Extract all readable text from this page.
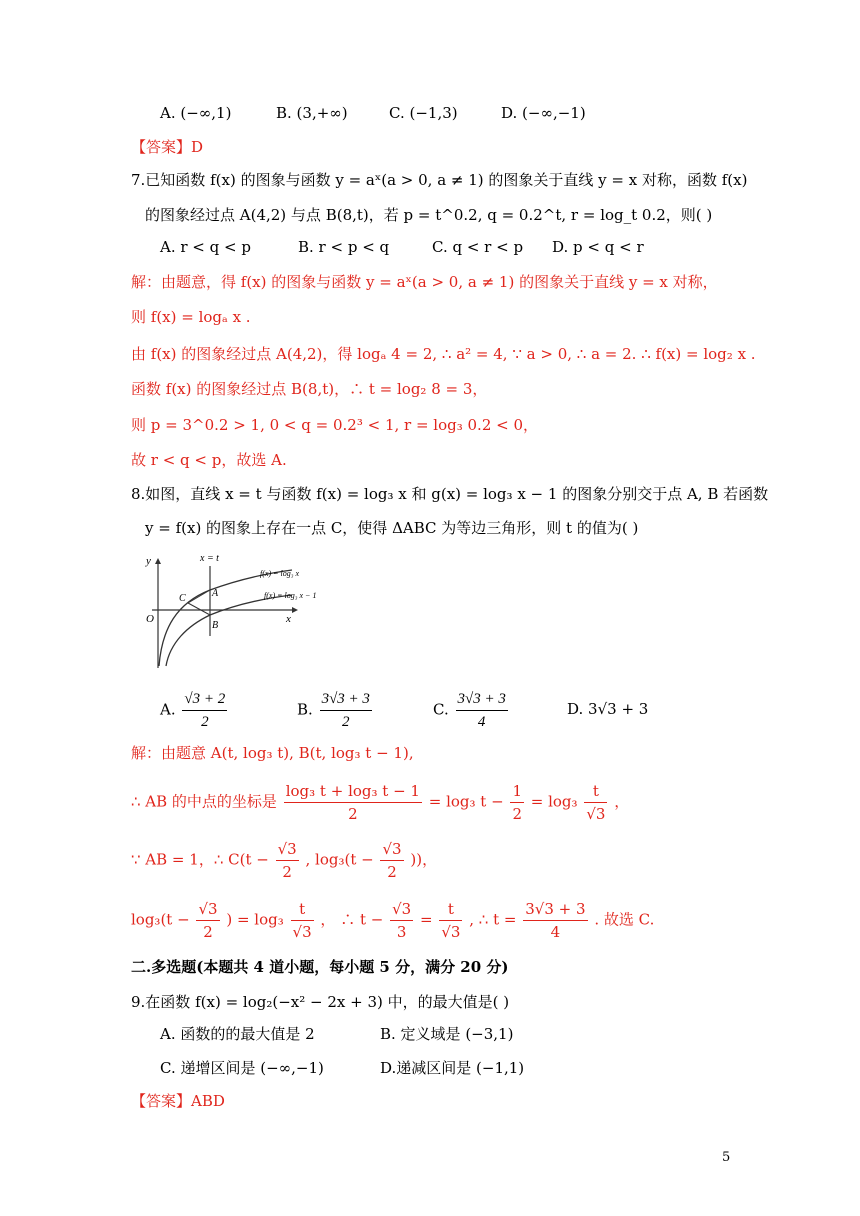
A. (−∞,1)	B. (3,+∞)	C. (−1,3)	D. (−∞,−1)
【答案】D
7.已知函数 f(x) 的图象与函数 y = aˣ(a > 0, a ≠ 1) 的图象关于直线 y = x 对称，函数 f(x)
的图象经过点 A(4,2) 与点 B(8,t)，若 p = t^0.2, q = 0.2^t, r = log_t 0.2，则( )
A. r < q < p	B. r < p < q	C. q < r < p D. p < q < r
解：由题意，得 f(x) 的图象与函数 y = aˣ(a > 0, a ≠ 1) 的图象关于直线 y = x 对称，
则 f(x) = logₐ x .
由 f(x) 的图象经过点 A(4,2)，得 logₐ 4 = 2, ∴ a² = 4, ∵ a > 0, ∴ a = 2. ∴ f(x) = log₂ x .
函数 f(x) 的图象经过点 B(8,t)，∴ t = log₂ 8 = 3，
则 p = 3^0.2 > 1, 0 < q = 0.2³ < 1, r = log₃ 0.2 < 0，
故 r < q < p，故选 A.
8.如图，直线 x = t 与函数 f(x) = log₃ x 和 g(x) = log₃ x − 1 的图象分别交于点 A, B 若函数
y = f(x) 的图象上存在一点 C，使得 ΔABC 为等边三角形，则 t 的值为( )
y
x
O
x = t
f(x) = log₃ x
f(x) = log₃ x − 1
A
B
C
A. $\frac{√3 + 2}{2}$	B. $\frac{3√3 + 3}{2}$	C. $\frac{3√3 + 3}{4}$	D. 3√3 + 3
解：由题意 A(t, log₃ t), B(t, log₃ t − 1),
∴ AB 的中点的坐标是 $\frac{\text{log₃ t + log₃ t − 1}}{2} = \log_3$ $t - \frac{1}{2} = \log_3 \frac{t}{√3}$ ，
∵ AB = 1，∴ $C(t - \frac{√3}{2}$ , $\log_3(t - \frac{√3}{2}$ ))，
$\log_3(t - \frac{√3}{2}$ ) = $\log_3 \frac{t}{√3}$ ， ∴ $t - \frac{√3}{3} = \frac{t}{√3}$ , ∴ $t = \frac{3√3 + 3}{4}$ . 故选 C.
二.多选题(本题共 4 道小题，每小题 5 分，满分 20 分)
9.在函数 f(x) = log₂(−x² − 2x + 3) 中，的最大值是( )
A. 函数的的最大值是 2	B. 定义域是 (−3,1)
C. 递增区间是 (−∞,−1)	D.递减区间是 (−1,1)
【答案】ABD
5
